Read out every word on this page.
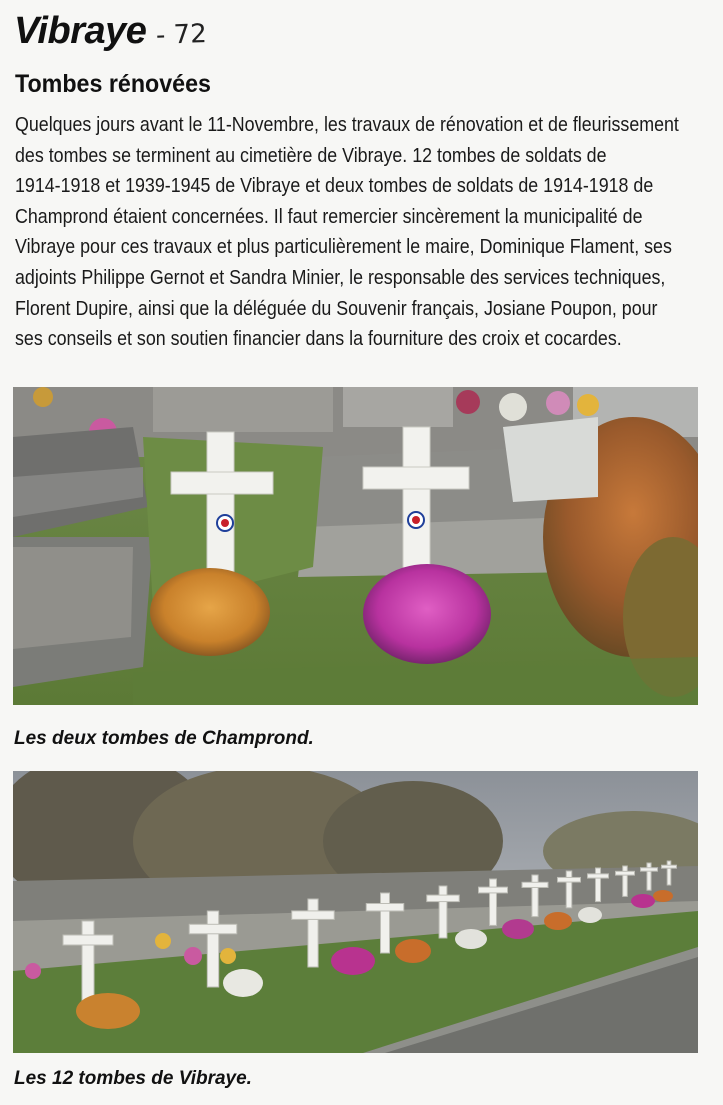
Vibraye - 72
Tombes rénovées
Quelques jours avant le 11-Novembre, les travaux de rénovation et de fleurissement
des tombes se terminent au cimetière de Vibraye. 12 tombes de soldats de
1914-1918 et 1939-1945 de Vibraye et deux tombes de soldats de 1914-1918 de
Champrond étaient concernées. Il faut remercier sincèrement la municipalité de
Vibraye pour ces travaux et plus particulièrement le maire, Dominique Flament, ses
adjoints Philippe Gernot et Sandra Minier, le responsable des services techniques,
Florent Dupire, ainsi que la déléguée du Souvenir français, Josiane Poupon, pour
ses conseils et son soutien financier dans la fourniture des croix et cocardes.
Les deux tombes de Champrond.
Les 12 tombes de Vibraye.
